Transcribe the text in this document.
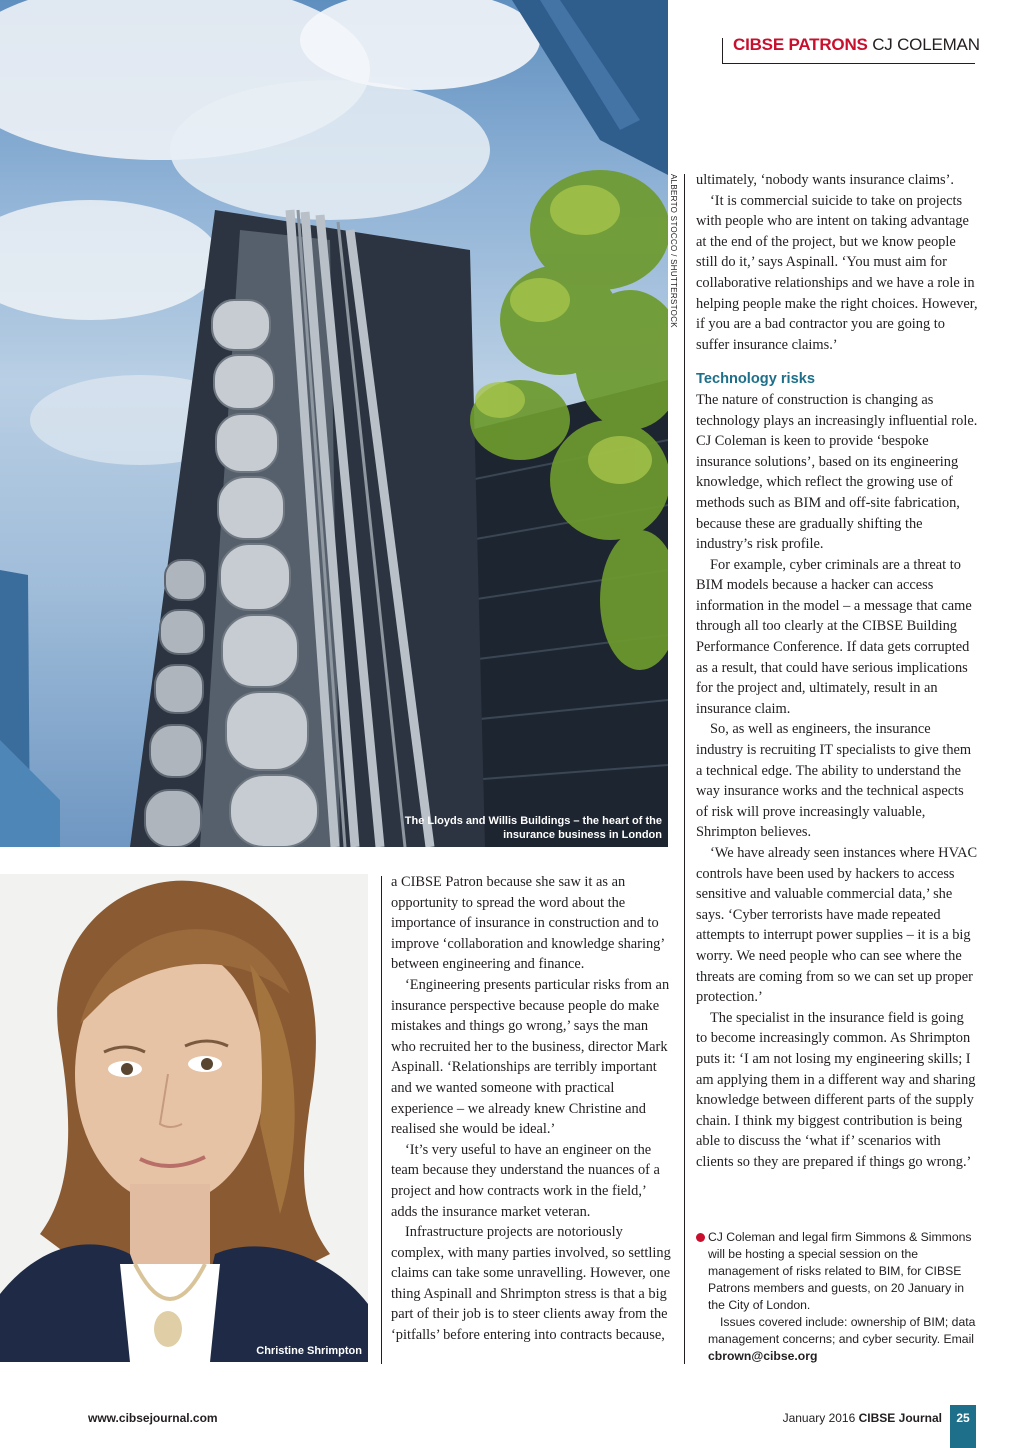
CIBSE PATRONS CJ COLEMAN
ALBERTO STOCCO / SHUTTERSTOCK
The Lloyds and Willis Buildings – the heart of the insurance business in London
Christine Shrimpton

a CIBSE Patron because she saw it as an opportunity to spread the word about the importance of insurance in construction and to improve ‘collaboration and knowledge sharing’ between engineering and finance.

‘Engineering presents particular risks from an insurance perspective because people do make mistakes and things go wrong,’ says the man who recruited her to the business, director Mark Aspinall. ‘Relationships are terribly important and we wanted someone with practical experience – we already knew Christine and realised she would be ideal.’

‘It’s very useful to have an engineer on the team because they understand the nuances of a project and how contracts work in the field,’ adds the insurance market veteran.

Infrastructure projects are notoriously complex, with many parties involved, so settling claims can take some unravelling. However, one thing Aspinall and Shrimpton stress is that a big part of their job is to steer clients away from the ‘pitfalls’ before entering into contracts because,

ultimately, ‘nobody wants insurance claims’.

‘It is commercial suicide to take on projects with people who are intent on taking advantage at the end of the project, but we know people still do it,’ says Aspinall. ‘You must aim for collaborative relationships and we have a role in helping people make the right choices. However, if you are a bad contractor you are going to suffer insurance claims.’

Technology risks

The nature of construction is changing as technology plays an increasingly influential role. CJ Coleman is keen to provide ‘bespoke insurance solutions’, based on its engineering knowledge, which reflect the growing use of methods such as BIM and off-site fabrication, because these are gradually shifting the industry’s risk profile.

For example, cyber criminals are a threat to BIM models because a hacker can access information in the model – a message that came through all too clearly at the CIBSE Building Performance Conference. If data gets corrupted as a result, that could have serious implications for the project and, ultimately, result in an insurance claim.

So, as well as engineers, the insurance industry is recruiting IT specialists to give them a technical edge. The ability to understand the way insurance works and the technical aspects of risk will prove increasingly valuable, Shrimpton believes.

‘We have already seen instances where HVAC controls have been used by hackers to access sensitive and valuable commercial data,’ she says. ‘Cyber terrorists have made repeated attempts to interrupt power supplies – it is a big worry. We need people who can see where the threats are coming from so we can set up proper protection.’

The specialist in the insurance field is going to become increasingly common. As Shrimpton puts it: ‘I am not losing my engineering skills; I am applying them in a different way and sharing knowledge between different parts of the supply chain. I think my biggest contribution is being able to discuss the ‘what if’ scenarios with clients so they are prepared if things go wrong.’

CJ Coleman and legal firm Simmons & Simmons will be hosting a special session on the management of risks related to BIM, for CIBSE Patrons members and guests, on 20 January in the City of London.

Issues covered include: ownership of BIM; data management concerns; and cyber security. Email cbrown@cibse.org

www.cibsejournal.com	January 2016 CIBSE Journal	25
